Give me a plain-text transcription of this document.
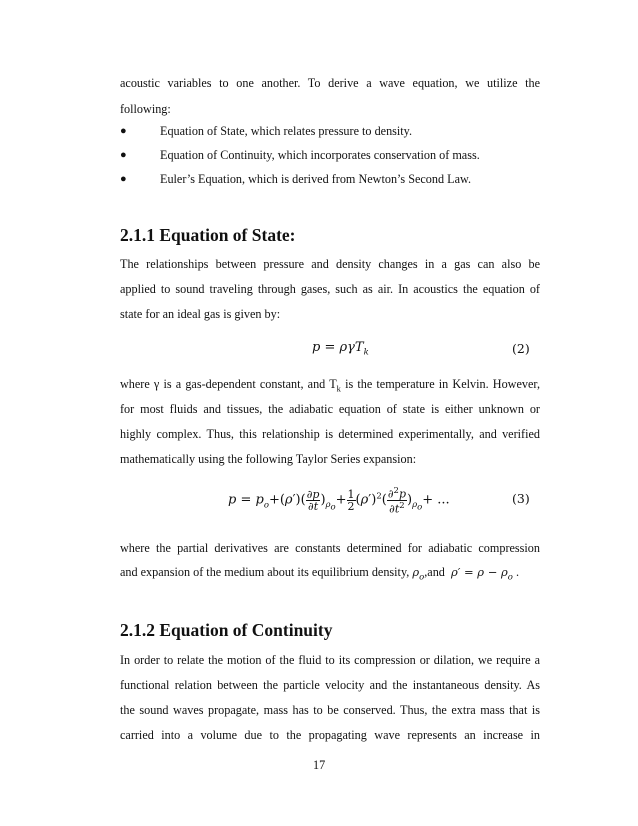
acoustic variables to one another. To derive a wave equation, we utilize the
following:
●	Equation of State, which relates pressure to density.
●	Equation of Continuity, which incorporates conservation of mass.
●	Euler’s Equation, which is derived from Newton’s Second Law.
2.1.1 Equation of State:
The relationships between pressure and density changes in a gas can also be
applied to sound traveling through gases, such as air. In acoustics the equation of
state for an ideal gas is given by:
p = ργT$_k$	(2)
where γ is a gas-dependent constant, and $T_k$ is the temperature in Kelvin. However,
for most fluids and tissues, the adiabatic equation of state is either unknown or
highly complex. Thus, this relationship is determined experimentally, and verified
mathematically using the following Taylor Series expansion:
$p = p_o+(\rho')( \frac{\partial p}{\partial t} )_{\rho_o}+ \frac{1}{2} (\rho')^2( \frac{\partial^2p}{\partial t^2} )_{\rho_o}+$ ...	(3)
where the partial derivatives are constants determined for adiabatic compression
and expansion of the medium about its equilibrium density, $\rho_o,and$ $\rho' = \rho - \rho_o$ .
2.1.2 Equation of Continuity
In order to relate the motion of the fluid to its compression or dilation, we require a
functional relation between the particle velocity and the instantaneous density. As
the sound waves propagate, mass has to be conserved. Thus, the extra mass that is
carried into a volume due to the propagating wave represents an increase in
17
